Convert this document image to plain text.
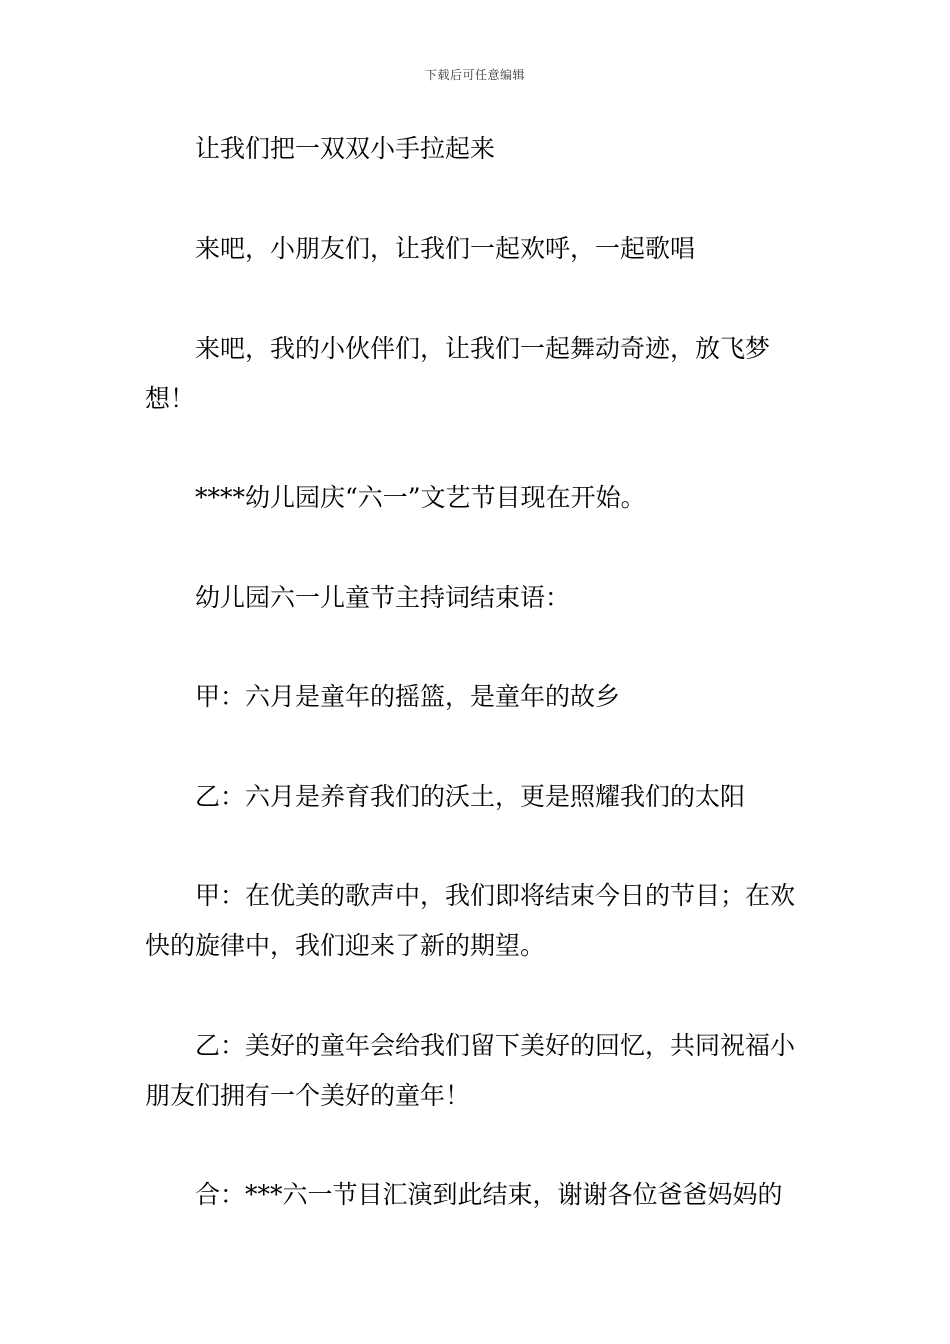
下载后可任意编辑

让我们把一双双小手拉起来

来吧，小朋友们，让我们一起欢呼，一起歌唱

来吧，我的小伙伴们，让我们一起舞动奇迹，放飞梦想！

****幼儿园庆“六一”文艺节目现在开始。

幼儿园六一儿童节主持词结束语：

甲：六月是童年的摇篮，是童年的故乡

乙：六月是养育我们的沃土，更是照耀我们的太阳

甲：在优美的歌声中，我们即将结束今日的节目；在欢快的旋律中，我们迎来了新的期望。

乙：美好的童年会给我们留下美好的回忆，共同祝福小朋友们拥有一个美好的童年！

合：***六一节目汇演到此结束，谢谢各位爸爸妈妈的
